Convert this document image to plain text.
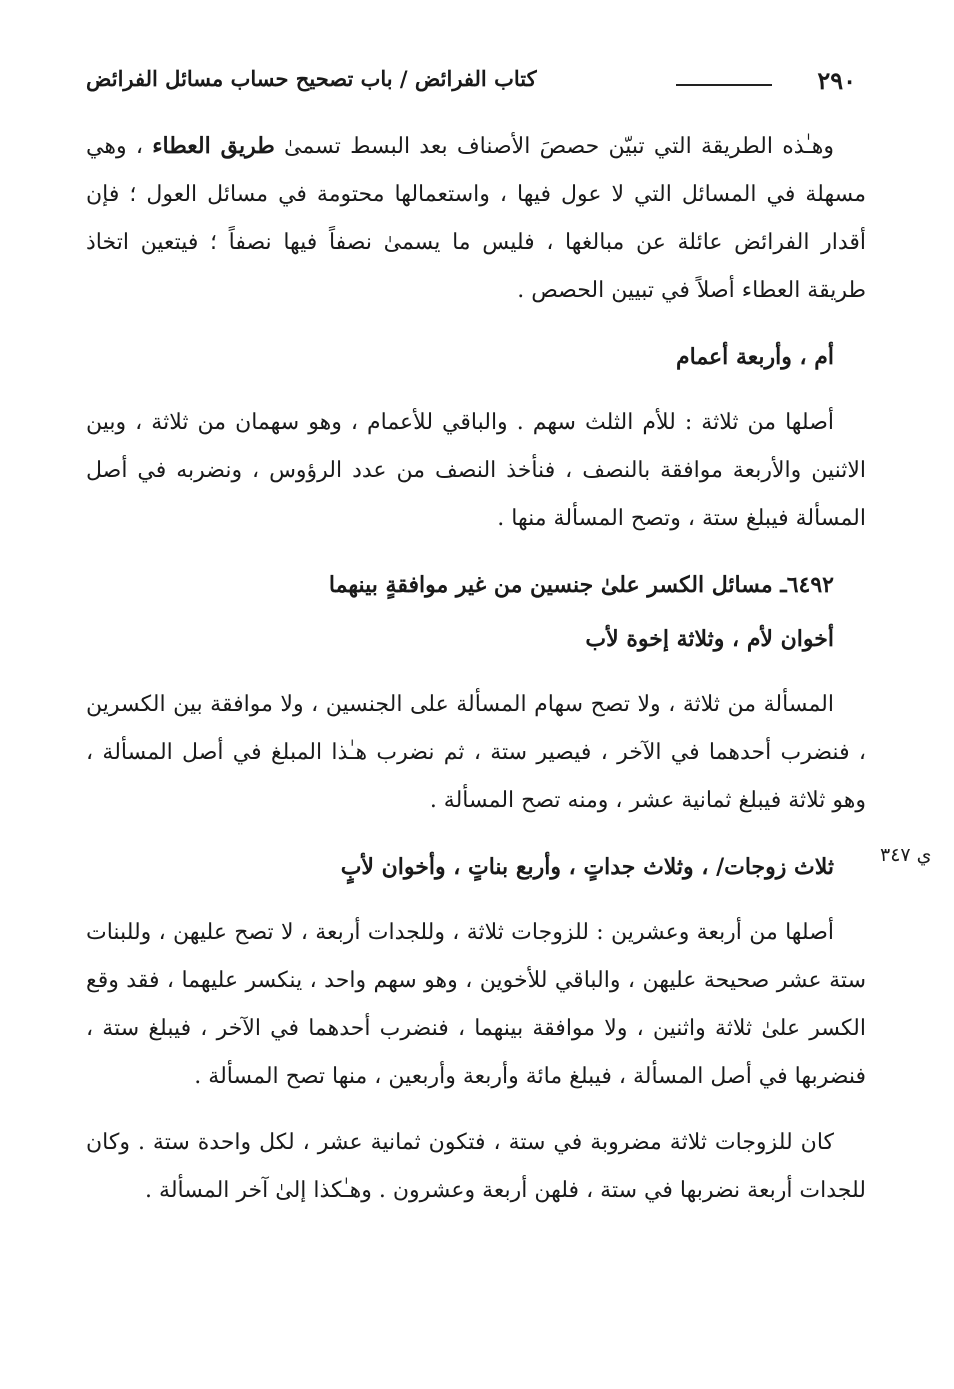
٢٩٠
كتاب الفرائض / باب تصحيح حساب مسائل الفرائض
ي ٣٤٧

وهـٰذه الطريقة التي تبيّن حصصَ الأصناف بعد البسط تسمىٰ طريق العطاء ، وهي مسهلة في المسائل التي لا عول فيها ، واستعمالها محتومة في مسائل العول ؛ فإن أقدار الفرائض عائلة عن مبالغها ، فليس ما يسمىٰ نصفاً فيها نصفاً ؛ فيتعين اتخاذ طريقة العطاء أصلاً في تبيين الحصص .

أم ، وأربعة أعمام

أصلها من ثلاثة : للأم الثلث سهم . والباقي للأعمام ، وهو سهمان من ثلاثة ، وبين الاثنين والأربعة موافقة بالنصف ، فنأخذ النصف من عدد الرؤوس ، ونضربه في أصل المسألة فيبلغ ستة ، وتصح المسألة منها .

٦٤٩٢ـ مسائل الكسر علىٰ جنسين من غير موافقةٍ بينهما

أخوان لأم ، وثلاثة إخوة لأب

المسألة من ثلاثة ، ولا تصح سهام المسألة على الجنسين ، ولا موافقة بين الكسرين ، فنضرب أحدهما في الآخر ، فيصير ستة ، ثم نضرب هـٰذا المبلغ في أصل المسألة ، وهو ثلاثة فيبلغ ثمانية عشر ، ومنه تصح المسألة .

ثلاث زوجات/ ، وثلاث جداتٍ ، وأربع بناتٍ ، وأخوان لأبٍ

أصلها من أربعة وعشرين : للزوجات ثلاثة ، وللجدات أربعة ، لا تصح عليهن ، وللبنات ستة عشر صحيحة عليهن ، والباقي للأخوين ، وهو سهم واحد ، ينكسر عليهما ، فقد وقع الكسر علىٰ ثلاثة واثنين ، ولا موافقة بينهما ، فنضرب أحدهما في الآخر ، فيبلغ ستة ، فنضربها في أصل المسألة ، فيبلغ مائة وأربعة وأربعين ، منها تصح المسألة .

كان للزوجات ثلاثة مضروبة في ستة ، فتكون ثمانية عشر ، لكل واحدة ستة . وكان للجدات أربعة نضربها في ستة ، فلهن أربعة وعشرون . وهـٰكذا إلىٰ آخر المسألة .
